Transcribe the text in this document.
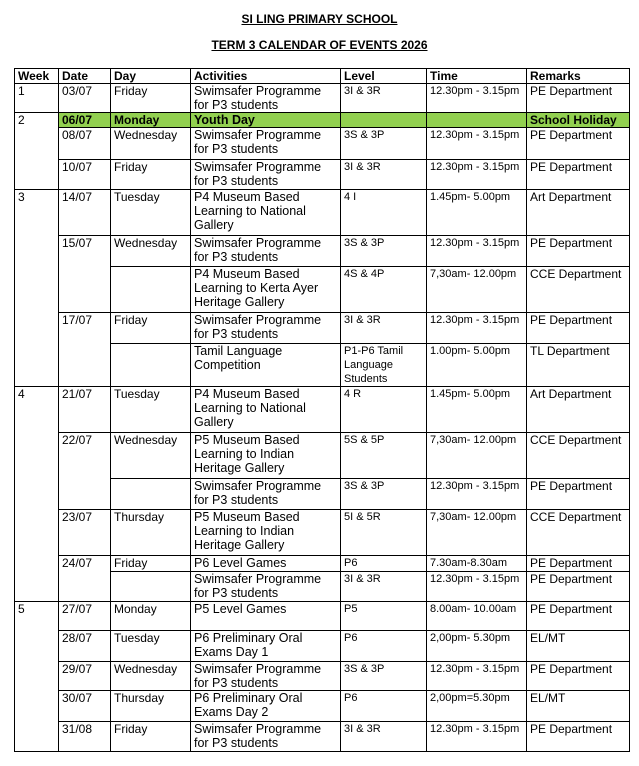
SI LING PRIMARY SCHOOL
TERM 3 CALENDAR OF EVENTS 2026
Week	Date	Day	Activities	Level	Time	Remarks
1	03/07	Friday	Swimsafer Programme for P3 students	3I & 3R	12.30pm - 3.15pm	PE Department
2	06/07	Monday	Youth Day			School Holiday
	08/07	Wednesday	Swimsafer Programme for P3 students	3S & 3P	12.30pm - 3.15pm	PE Department
	10/07	Friday	Swimsafer Programme for P3 students	3I & 3R	12.30pm - 3.15pm	PE Department
3	14/07	Tuesday	P4 Museum Based Learning to National Gallery	4 I	1.45pm- 5.00pm	Art Department
	15/07	Wednesday	Swimsafer Programme for P3 students	3S & 3P	12.30pm - 3.15pm	PE Department
			P4 Museum Based Learning to Kerta Ayer Heritage Gallery	4S & 4P	7,30am- 12.00pm	CCE Department
	17/07	Friday	Swimsafer Programme for P3 students	3I & 3R	12.30pm - 3.15pm	PE Department
			Tamil Language Competition	P1-P6 Tamil Language Students	1.00pm- 5.00pm	TL Department
4	21/07	Tuesday	P4 Museum Based Learning to National Gallery	4 R	1.45pm- 5.00pm	Art Department
	22/07	Wednesday	P5 Museum Based Learning to Indian Heritage Gallery	5S & 5P	7,30am- 12.00pm	CCE Department
			Swimsafer Programme for P3 students	3S & 3P	12.30pm - 3.15pm	PE Department
	23/07	Thursday	P5 Museum Based Learning to Indian Heritage Gallery	5I & 5R	7,30am- 12.00pm	CCE Department
	24/07	Friday	P6 Level Games	P6	7.30am-8.30am	PE Department
			Swimsafer Programme for P3 students	3I & 3R	12.30pm - 3.15pm	PE Department
5	27/07	Monday	P5 Level Games	P5	8.00am- 10.00am	PE Department
	28/07	Tuesday	P6 Preliminary Oral Exams Day 1	P6	2,00pm- 5.30pm	EL/MT
	29/07	Wednesday	Swimsafer Programme for P3 students	3S & 3P	12.30pm - 3.15pm	PE Department
	30/07	Thursday	P6 Preliminary Oral Exams Day 2	P6	2,00pm=5.30pm	EL/MT
	31/08	Friday	Swimsafer Programme for P3 students	3I & 3R	12.30pm - 3.15pm	PE Department
